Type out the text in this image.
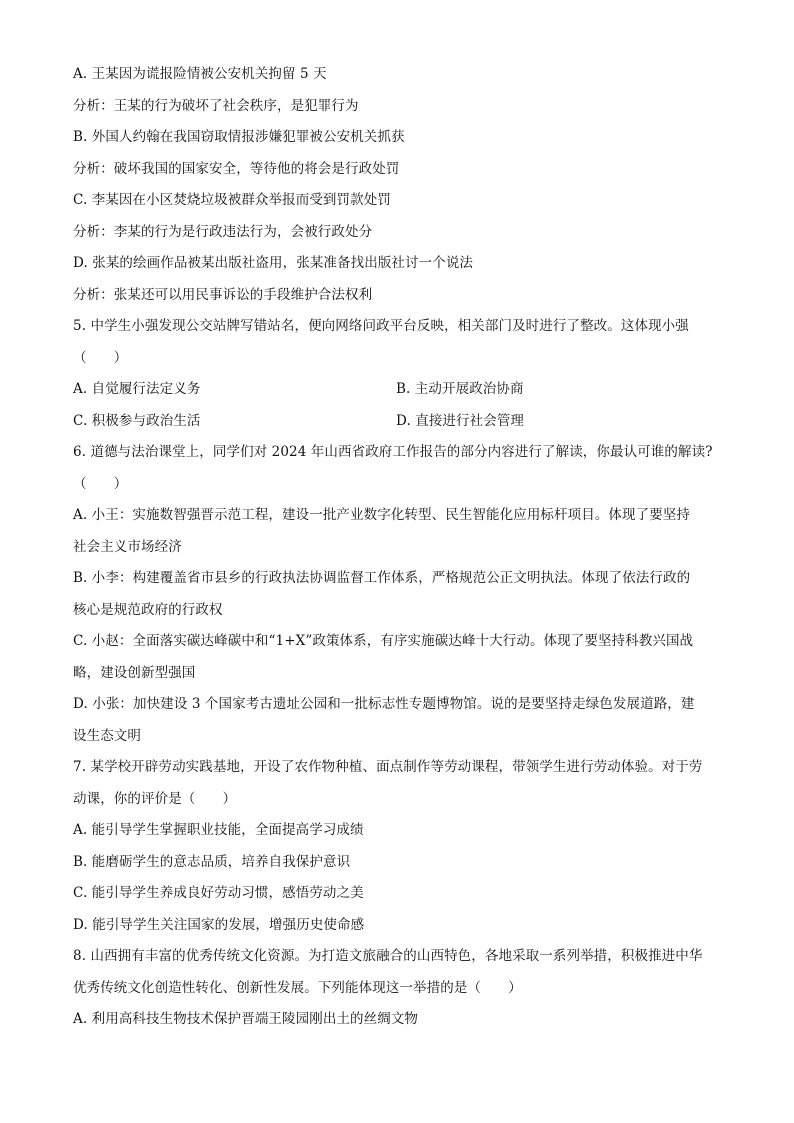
A. 王某因为谎报险情被公安机关拘留 5 天
分析：王某的行为破坏了社会秩序，是犯罪行为
B. 外国人约翰在我国窃取情报涉嫌犯罪被公安机关抓获
分析：破坏我国的国家安全，等待他的将会是行政处罚
C. 李某因在小区焚烧垃圾被群众举报而受到罚款处罚
分析：李某的行为是行政违法行为，会被行政处分
D. 张某的绘画作品被某出版社盗用，张某准备找出版社讨一个说法
分析：张某还可以用民事诉讼的手段维护合法权利
5. 中学生小强发现公交站牌写错站名，便向网络问政平台反映，相关部门及时进行了整改。这体现小强
（　　）
A. 自觉履行法定义务	B. 主动开展政治协商
C. 积极参与政治生活	D. 直接进行社会管理
6. 道德与法治课堂上，同学们对 2024 年山西省政府工作报告的部分内容进行了解读，你最认可谁的解读?
（　　）
A. 小王：实施数智强晋示范工程，建设一批产业数字化转型、民生智能化应用标杆项目。体现了要坚持
社会主义市场经济
B. 小李：构建覆盖省市县乡的行政执法协调监督工作体系，严格规范公正文明执法。体现了依法行政的
核心是规范政府的行政权
C. 小赵：全面落实碳达峰碳中和“1+X”政策体系，有序实施碳达峰十大行动。体现了要坚持科教兴国战
略，建设创新型强国
D. 小张：加快建设 3 个国家考古遗址公园和一批标志性专题博物馆。说的是要坚持走绿色发展道路，建
设生态文明
7. 某学校开辟劳动实践基地，开设了农作物种植、面点制作等劳动课程，带领学生进行劳动体验。对于劳
动课，你的评价是（　　）
A. 能引导学生掌握职业技能，全面提高学习成绩
B. 能磨砺学生的意志品质，培养自我保护意识
C. 能引导学生养成良好劳动习惯，感悟劳动之美
D. 能引导学生关注国家的发展，增强历史使命感
8. 山西拥有丰富的优秀传统文化资源。为打造文旅融合的山西特色，各地采取一系列举措，积极推进中华
优秀传统文化创造性转化、创新性发展。下列能体现这一举措的是（　　）
A. 利用高科技生物技术保护晋端王陵园刚出土的丝绸文物
